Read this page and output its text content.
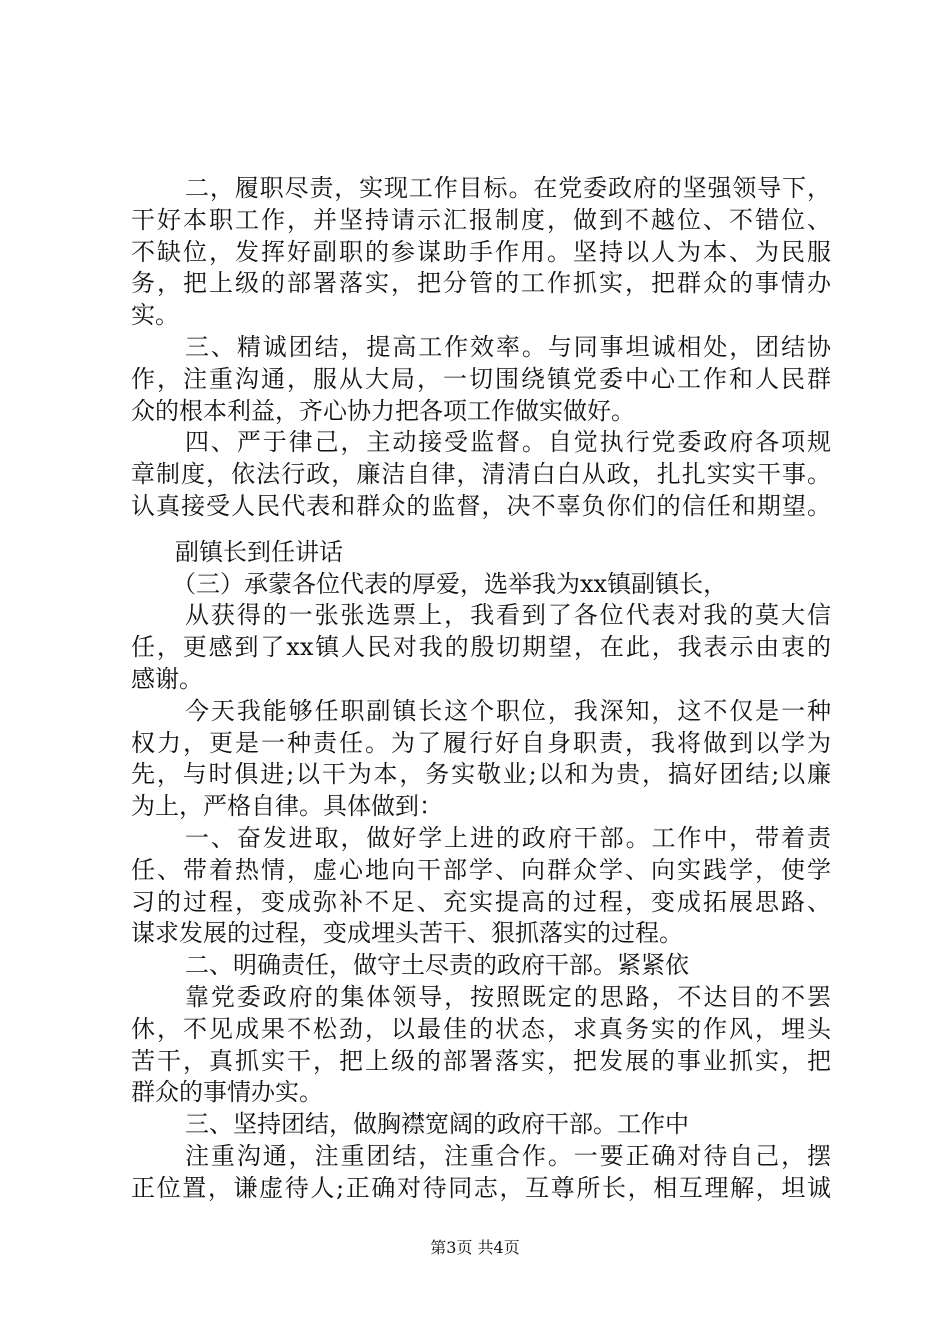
二，履职尽责，实现工作目标。在党委政府的坚强领导下，
干好本职工作，并坚持请示汇报制度，做到不越位、不错位、
不缺位，发挥好副职的参谋助手作用。坚持以人为本、为民服
务，把上级的部署落实，把分管的工作抓实，把群众的事情办
实。
三、精诚团结，提高工作效率。与同事坦诚相处，团结协
作，注重沟通，服从大局，一切围绕镇党委中心工作和人民群
众的根本利益，齐心协力把各项工作做实做好。
四、严于律己，主动接受监督。自觉执行党委政府各项规
章制度，依法行政，廉洁自律，清清白白从政，扎扎实实干事。
认真接受人民代表和群众的监督，决不辜负你们的信任和期望。
副镇长到任讲话
（三）承蒙各位代表的厚爱，选举我为xx镇副镇长，
从获得的一张张选票上，我看到了各位代表对我的莫大信
任，更感到了xx镇人民对我的殷切期望，在此，我表示由衷的
感谢。
今天我能够任职副镇长这个职位，我深知，这不仅是一种
权力，更是一种责任。为了履行好自身职责，我将做到以学为
先，与时俱进;以干为本，务实敬业;以和为贵，搞好团结;以廉
为上，严格自律。具体做到：
一、奋发进取，做好学上进的政府干部。工作中，带着责
任、带着热情，虚心地向干部学、向群众学、向实践学，使学
习的过程，变成弥补不足、充实提高的过程，变成拓展思路、
谋求发展的过程，变成埋头苦干、狠抓落实的过程。
二、明确责任，做守土尽责的政府干部。紧紧依
靠党委政府的集体领导，按照既定的思路，不达目的不罢
休，不见成果不松劲，以最佳的状态，求真务实的作风，埋头
苦干，真抓实干，把上级的部署落实，把发展的事业抓实，把
群众的事情办实。
三、坚持团结，做胸襟宽阔的政府干部。工作中
注重沟通，注重团结，注重合作。一要正确对待自己，摆
正位置，谦虚待人;正确对待同志，互尊所长，相互理解，坦诚
第3页 共4页
